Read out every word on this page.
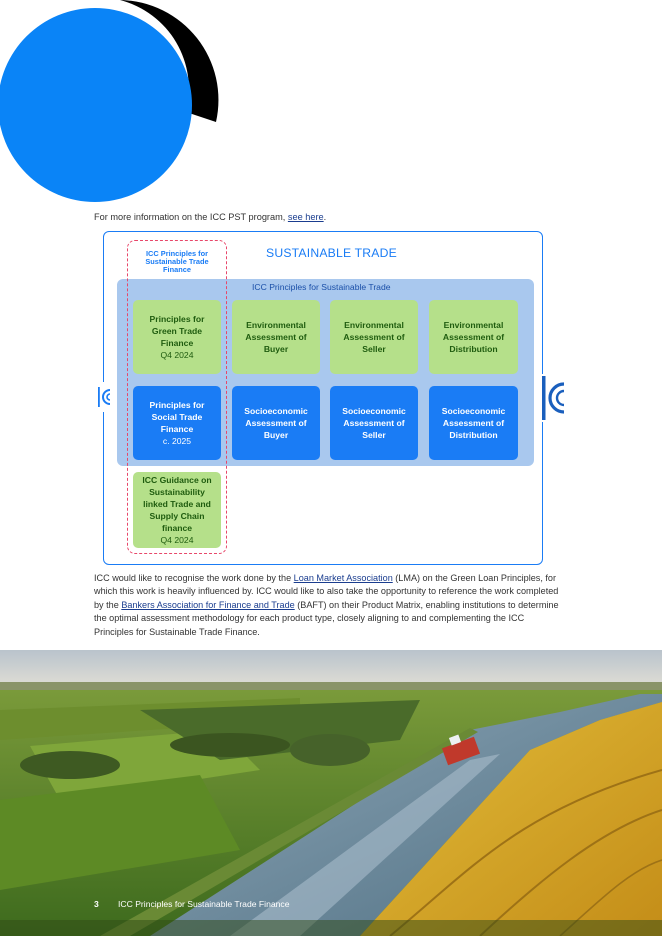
For more information on the ICC PST program, see here.

SUSTAINABLE TRADE
ICC Principles for Sustainable Trade
Principles for Green Trade Finance
Q4 2024
Environmental Assessment of Buyer
Environmental Assessment of Seller
Environmental Assessment of Distribution
Principles for Social Trade Finance
c. 2025
Socioeconomic Assessment of Buyer
Socioeconomic Assessment of Seller
Socioeconomic Assessment of Distribution
ICC Guidance on Sustainability linked Trade and Supply Chain finance
Q4 2024
ICC Principles for Sustainable Trade Finance

ICC would like to recognise the work done by the Loan Market Association (LMA) on the Green Loan Principles, for which this work is heavily influenced by. ICC would like to also take the opportunity to reference the work completed by the Bankers Association for Finance and Trade (BAFT) on their Product Matrix, enabling institutions to determine the optimal assessment methodology for each product type, closely aligning to and complementing the ICC Principles for Sustainable Trade Finance.

3 ICC Principles for Sustainable Trade Finance
